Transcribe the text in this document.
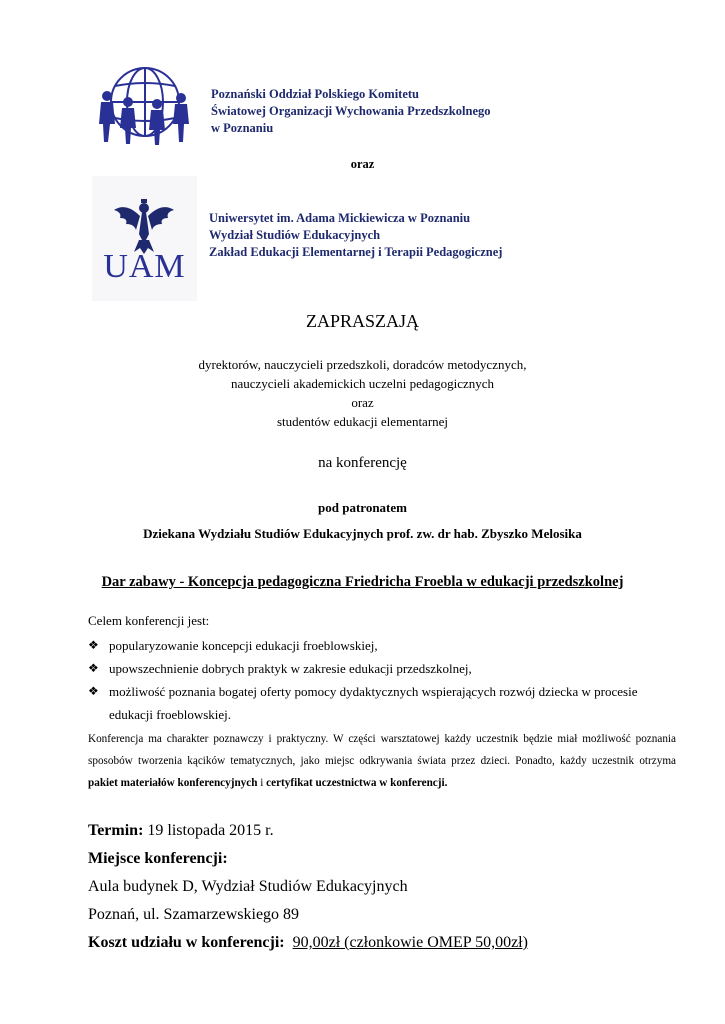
Poznański Oddział Polskiego Komitetu
Światowej Organizacji Wychowania Przedszkolnego
w Poznaniu
oraz
UAM
Uniwersytet im. Adama Mickiewicza w Poznaniu
Wydział Studiów Edukacyjnych
Zakład Edukacji Elementarnej i Terapii Pedagogicznej
ZAPRASZAJĄ
dyrektorów, nauczycieli przedszkoli, doradców metodycznych,
nauczycieli akademickich uczelni pedagogicznych
oraz
studentów edukacji elementarnej
na konferencję
pod patronatem
Dziekana Wydziału Studiów Edukacyjnych prof. zw. dr hab. Zbyszko Melosika
Dar zabawy - Koncepcja pedagogiczna Friedricha Froebla w edukacji przedszkolnej
Celem konferencji jest:
❖ popularyzowanie koncepcji edukacji froeblowskiej,
❖ upowszechnienie dobrych praktyk w zakresie edukacji przedszkolnej,
❖ możliwość poznania bogatej oferty pomocy dydaktycznych wspierających rozwój dziecka w procesie
edukacji froeblowskiej.
Konferencja ma charakter poznawczy i praktyczny. W części warsztatowej każdy uczestnik będzie miał możliwość poznania sposobów tworzenia kącików tematycznych, jako miejsc odkrywania świata przez dzieci. Ponadto, każdy uczestnik otrzyma pakiet materiałów konferencyjnych i certyfikat uczestnictwa w konferencji.
Termin: 19 listopada 2015 r.
Miejsce konferencji:
Aula budynek D, Wydział Studiów Edukacyjnych
Poznań, ul. Szamarzewskiego 89
Koszt udziału w konferencji: 90,00zł (członkowie OMEP 50,00zł)
